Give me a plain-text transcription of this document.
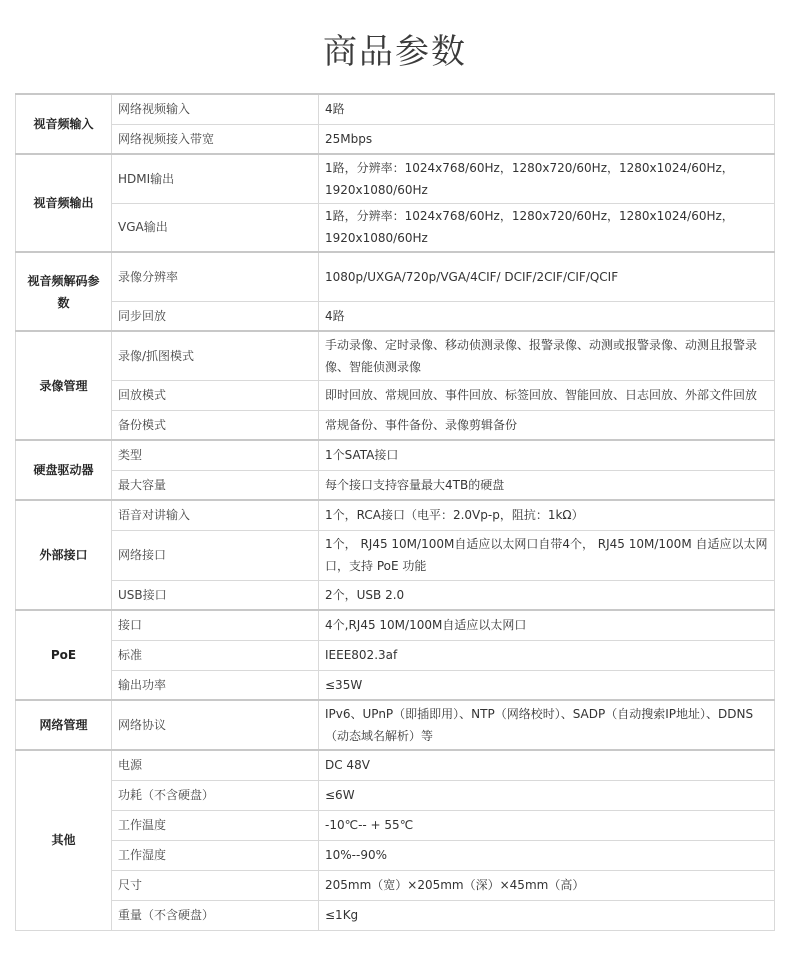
商品参数
视音频输入	网络视频输入	4路
	网络视频接入带宽	25Mbps
视音频输出	HDMI输出	1路，分辨率：1024x768/60Hz，1280x720/60Hz，1280x1024/60Hz，1920x1080/60Hz
	VGA输出	1路，分辨率：1024x768/60Hz，1280x720/60Hz，1280x1024/60Hz，1920x1080/60Hz
视音频解码参数	录像分辨率	1080p/UXGA/720p/VGA/4CIF/ DCIF/2CIF/CIF/QCIF
	同步回放	4路
录像管理	录像/抓图模式	手动录像、定时录像、移动侦测录像、报警录像、动测或报警录像、动测且报警录像、智能侦测录像
	回放模式	即时回放、常规回放、事件回放、标签回放、智能回放、日志回放、外部文件回放
	备份模式	常规备份、事件备份、录像剪辑备份
硬盘驱动器	类型	1个SATA接口
	最大容量	每个接口支持容量最大4TB的硬盘
外部接口	语音对讲输入	1个，RCA接口（电平：2.0Vp-p，阻抗：1kΩ）
	网络接口	1个， RJ45 10M/100M自适应以太网口自带4个， RJ45 10M/100M 自适应以太网口，支持 PoE 功能
	USB接口	2个，USB 2.0
PoE	接口	4个,RJ45 10M/100M自适应以太网口
	标准	IEEE802.3af
	输出功率	≤35W
网络管理	网络协议	IPv6、UPnP（即插即用）、NTP（网络校时）、SADP（自动搜索IP地址）、DDNS（动态域名解析）等
其他	电源	DC 48V
	功耗（不含硬盘）	≤6W
	工作温度	-10℃-- + 55℃
	工作湿度	10%--90%
	尺寸	205mm（宽）×205mm（深）×45mm（高）
	重量（不含硬盘）	≤1Kg
